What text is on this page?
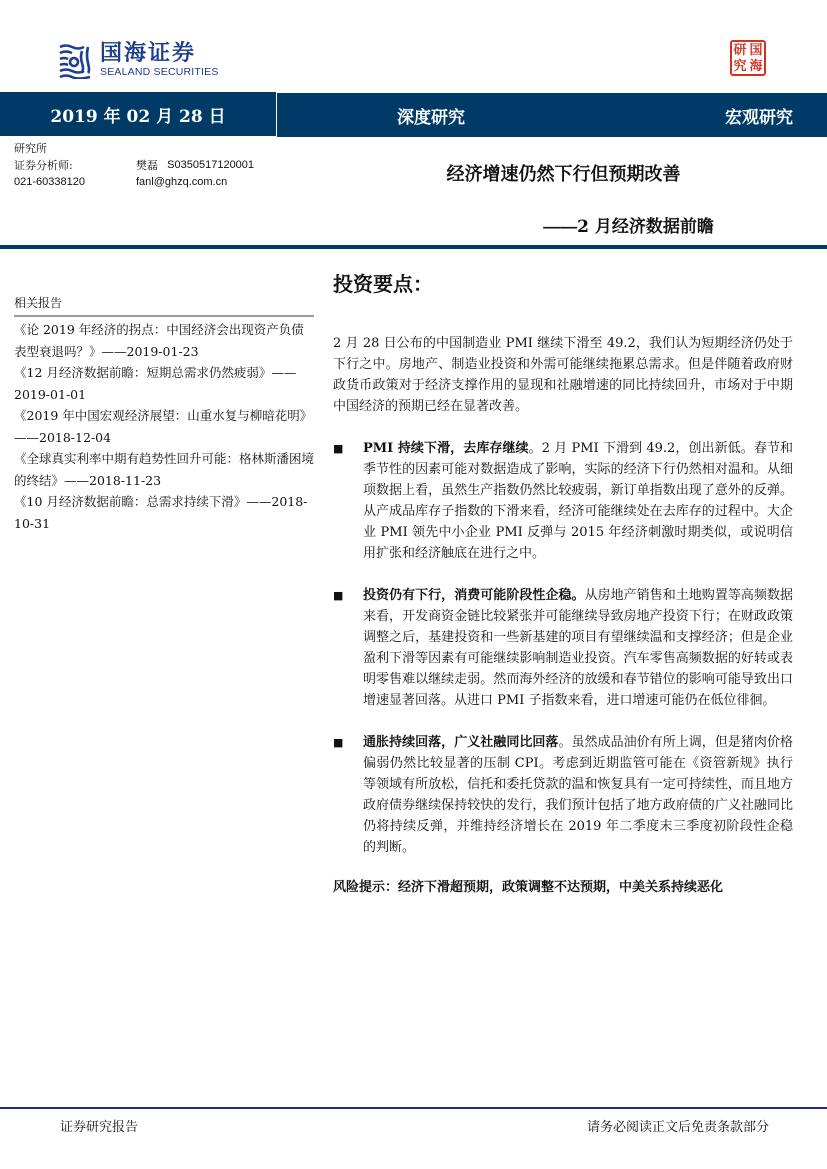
国海证券
SEALAND SECURITIES
研 国
究 海
2019 年 02 月 28 日	深度研究	宏观研究
研究所
证券分析师:	樊磊
S0350517120001
021-60338120	fanl@ghzq.com.cn	经济增速仍然下行但预期改善
——2 月经济数据前瞻
相关报告
《论 2019 年经济的拐点：中国经济会出现资产负债表型衰退吗？》——2019-01-23
《12 月经济数据前瞻：短期总需求仍然疲弱》——2019-01-01
《2019 年中国宏观经济展望：山重水复与柳暗花明》——2018-12-04
《全球真实利率中期有趋势性回升可能：格林斯潘困境的终结》——2018-11-23
《10 月经济数据前瞻：总需求持续下滑》——2018-10-31
投资要点：
2 月 28 日公布的中国制造业 PMI 继续下滑至 49.2，我们认为短期经济仍处于下行之中。房地产、制造业投资和外需可能继续拖累总需求。但是伴随着政府财政货币政策对于经济支撑作用的显现和社融增速的同比持续回升，市场对于中期中国经济的预期已经在显著改善。
■	PMI 持续下滑，去库存继续。2 月 PMI 下滑到 49.2，创出新低。春节和季节性的因素可能对数据造成了影响，实际的经济下行仍然相对温和。从细项数据上看，虽然生产指数仍然比较疲弱，新订单指数出现了意外的反弹。从产成品库存子指数的下滑来看，经济可能继续处在去库存的过程中。大企业 PMI 领先中小企业 PMI 反弹与 2015 年经济刺激时期类似，或说明信用扩张和经济触底在进行之中。
■	投资仍有下行，消费可能阶段性企稳。从房地产销售和土地购置等高频数据来看，开发商资金链比较紧张并可能继续导致房地产投资下行；在财政政策调整之后，基建投资和一些新基建的项目有望继续温和支撑经济；但是企业盈利下滑等因素有可能继续影响制造业投资。汽车零售高频数据的好转或表明零售难以继续走弱。然而海外经济的放缓和春节错位的影响可能导致出口增速显著回落。从进口 PMI 子指数来看，进口增速可能仍在低位徘徊。
■	通胀持续回落，广义社融同比回落。虽然成品油价有所上调，但是猪肉价格偏弱仍然比较显著的压制 CPI。考虑到近期监管可能在《资管新规》执行等领域有所放松，信托和委托贷款的温和恢复具有一定可持续性，而且地方政府债券继续保持较快的发行，我们预计包括了地方政府债的广义社融同比仍将持续反弹，并维持经济增长在 2019 年二季度末三季度初阶段性企稳的判断。
风险提示：经济下滑超预期，政策调整不达预期，中美关系持续恶化
证券研究报告	请务必阅读正文后免责条款部分
